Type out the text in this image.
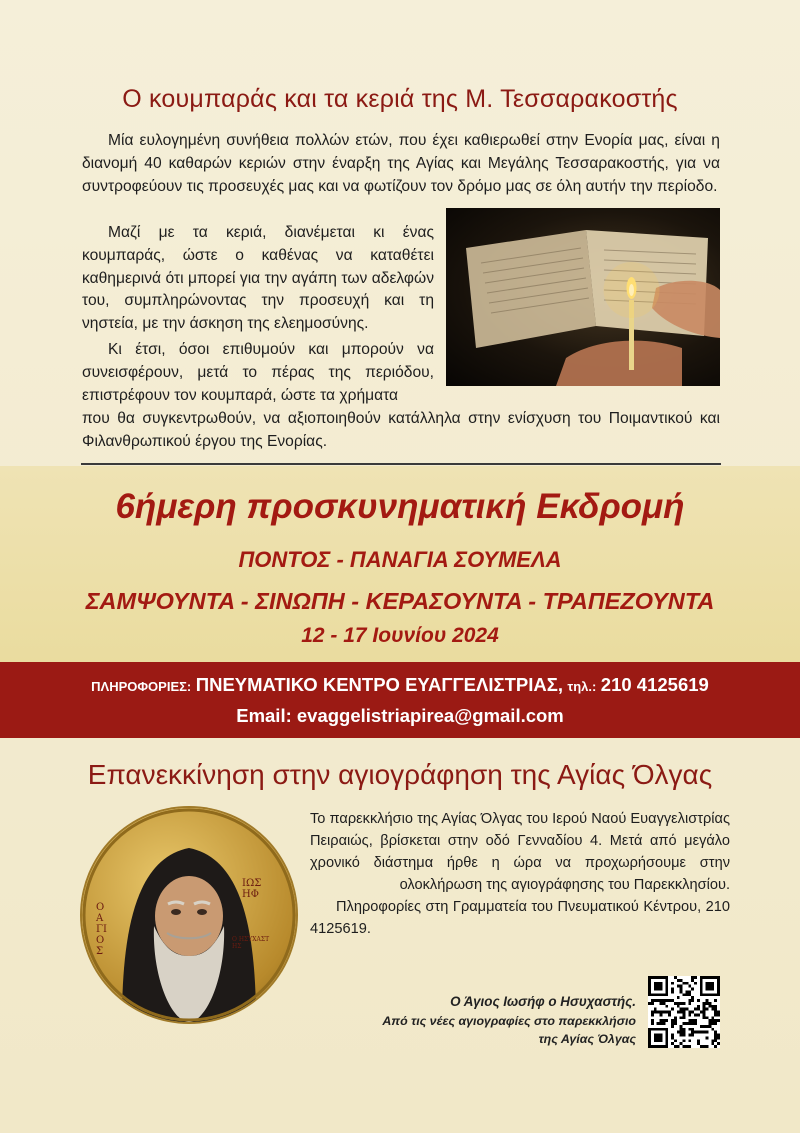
Ο κουμπαράς και τα κεριά της Μ. Τεσσαρακοστής

Μία ευλογημένη συνήθεια πολλών ετών, που έχει καθιερωθεί στην Ενορία μας, είναι η διανομή 40 καθαρών κεριών στην έναρξη της Αγίας και Μεγάλης Τεσσαρακοστής, για να συντροφεύουν τις προσευχές μας και να φωτίζουν τον δρόμο μας σε όλη αυτήν την περίοδο.

Μαζί με τα κεριά, διανέμεται κι ένας κουμπαράς, ώστε ο καθένας να καταθέτει καθημερινά ότι μπορεί για την αγάπη των αδελφών του, συμπληρώνοντας την προσευχή και τη νηστεία, με την άσκηση της ελεημοσύνης.

Κι έτσι, όσοι επιθυμούν και μπορούν να συνεισφέρουν, μετά το πέρας της περιόδου, επιστρέφουν τον κουμπαρά, ώστε τα χρήματα

που θα συγκεντρωθούν, να αξιοποιηθούν κατάλληλα στην ενίσχυση του Ποιμαντικού και Φιλανθρωπικού έργου της Ενορίας.

6ήμερη προσκυνηματική Εκδρομή
ΠΟΝΤΟΣ - ΠΑΝΑΓΙΑ ΣΟΥΜΕΛΑ
ΣΑΜΨΟΥΝΤΑ - ΣΙΝΩΠΗ - ΚΕΡΑΣΟΥΝΤΑ - ΤΡΑΠΕΖΟΥΝΤΑ
12 - 17 Ιουνίου 2024
ΠΛΗΡΟΦΟΡΙΕΣ: ΠΝΕΥΜΑΤΙΚΟ ΚΕΝΤΡΟ ΕΥΑΓΓΕΛΙΣΤΡΙΑΣ, τηλ.: 210 4125619
Email: evaggelistriapirea@gmail.com
Επανεκκίνηση στην αγιογράφηση της Αγίας Όλγας
Ο ΑΓΙΟΣ
ΙΩΣΗΦ
Ο ΗΣΥΧΑΣΤΗΣ
Το παρεκκλήσιο της Αγίας Όλγας του Ιερού Ναού Ευαγγελιστρίας Πειραιώς, βρίσκεται στην οδό Γενναδίου 4. Μετά από μεγάλο χρονικό διάστημα ήρθε η ώρα να προχωρήσουμε στην ολοκλήρωση της αγιογράφησης του Παρεκκλησίου.
Πληροφορίες στη Γραμματεία του Πνευματικού Κέντρου, 210 4125619.
Ο Άγιος Ιωσήφ ο Ησυχαστής.
Από τις νέες αγιογραφίες στο παρεκκλήσιο
της Αγίας Όλγας
